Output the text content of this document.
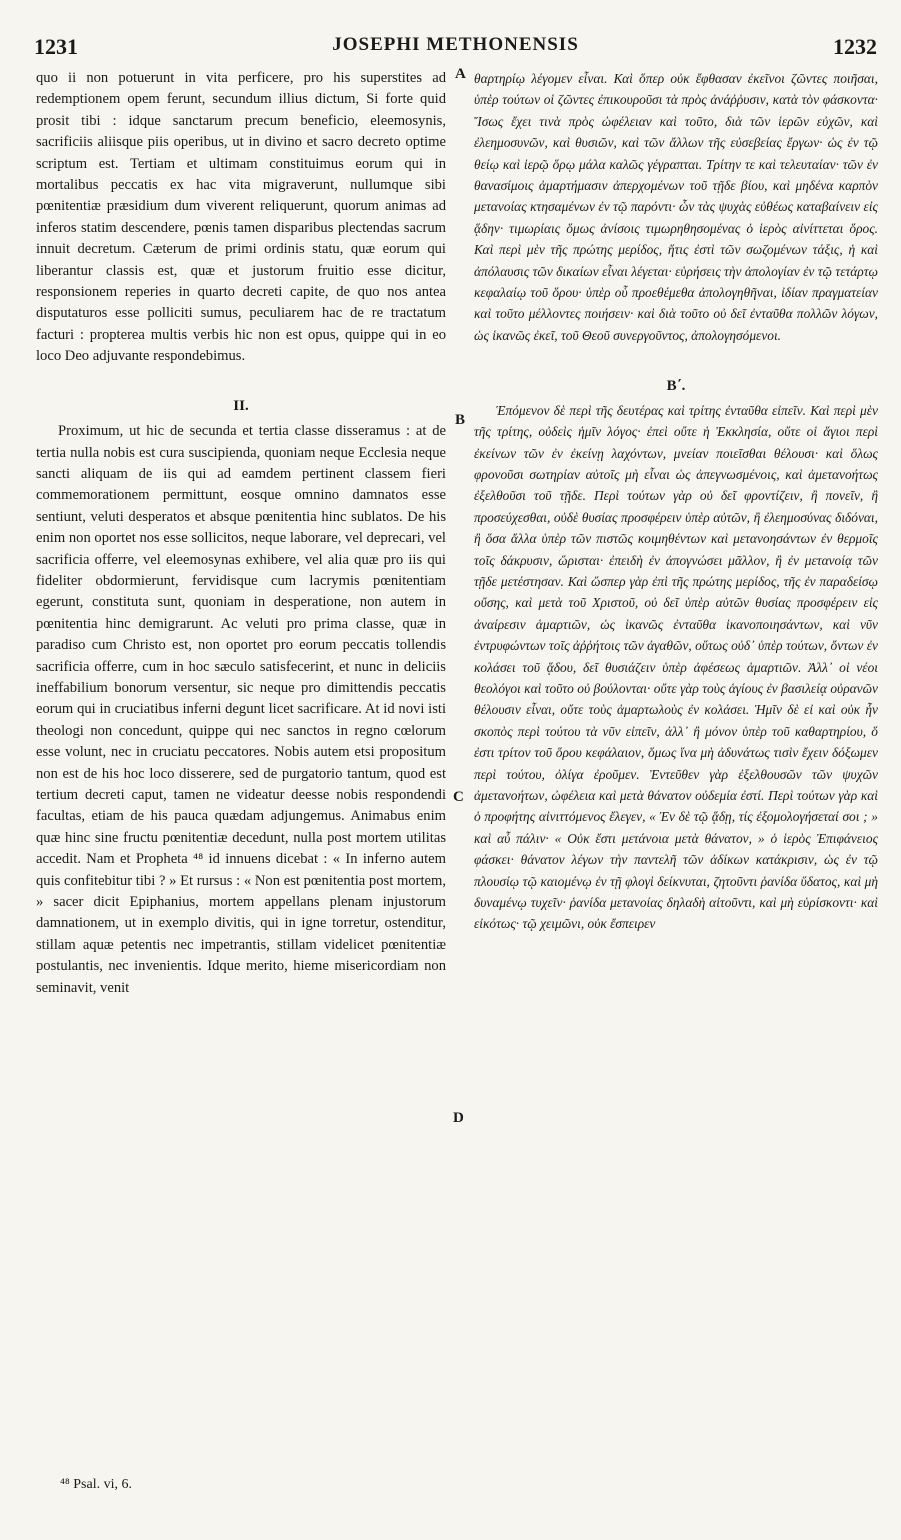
1231	JOSEPHI METHONENSIS	1232

quo ii non potuerunt in vita perficere, pro his superstites ad redemptionem opem ferunt, secundum illius dictum, Si forte quid prosit tibi : idque sanctarum precum beneficio, eleemosynis, sacrificiis aliisque piis operibus, ut in divino et sacro decreto optime scriptum est. Tertiam et ultimam constituimus eorum qui in mortalibus peccatis ex hac vita migraverunt, nullumque sibi pœnitentiæ præsidium dum viverent reliquerunt, quorum animas ad inferos statim descendere, pœnis tamen disparibus plectendas sacrum innuit decretum. Cæterum de primi ordinis statu, quæ eorum qui liberantur classis est, quæ et justorum fruitio esse dicitur, responsionem reperies in quarto decreti capite, de quo nos antea disputaturos esse polliciti sumus, peculiarem hac de re tractatum facturi : propterea multis verbis hic non est opus, quippe qui in eo loco Deo adjuvante respondebimus.

II.

Proximum, ut hic de secunda et tertia classe disseramus : at de tertia nulla nobis est cura suscipienda, quoniam neque Ecclesia neque sancti aliquam de iis qui ad eamdem pertinent classem fieri commemorationem permittunt, eosque omnino damnatos esse sentiunt, veluti desperatos et absque pœnitentia hinc sublatos. De his enim non oportet nos esse sollicitos, neque laborare, vel deprecari, vel sacrificia offerre, vel eleemosynas exhibere, vel alia quæ pro iis qui fideliter obdormierunt, fervidisque cum lacrymis pœnitentiam egerunt, constituta sunt, quoniam in desperatione, non autem in pœnitentia hinc demigrarunt. Ac veluti pro prima classe, quæ in paradiso cum Christo est, non oportet pro eorum peccatis tollendis sacrificia offerre, cum in hoc sæculo satisfecerint, et nunc in deliciis ineffabilium bonorum versentur, sic neque pro dimittendis peccatis eorum qui in cruciatibus inferni degunt licet sacrificare. At id novi isti theologi non concedunt, quippe qui nec sanctos in regno cœlorum esse volunt, nec in cruciatu peccatores. Nobis autem etsi propositum non est de his hoc loco disserere, sed de purgatorio tantum, quod est tertium decreti caput, tamen ne videatur deesse nobis respondendi facultas, etiam de his pauca quædam adjungemus. Animabus enim quæ hinc sine fructu pœnitentiæ decedunt, nulla post mortem utilitas accedit. Nam et Propheta ⁴⁸ id innuens dicebat : « In inferno autem quis confitebitur tibi ? » Et rursus : « Non est pœnitentia post mortem, » sacer dicit Epiphanius, mortem appellans plenam injustorum damnationem, ut in exemplo divitis, qui in igne torretur, ostenditur, stillam aquæ petentis nec impetrantis, stillam videlicet pœnitentiæ postulantis, nec invenientis. Idque merito, hieme misericordiam non seminavit, venit

θαρτηρίῳ λέγομεν εἶναι. Καὶ ὅπερ οὐκ ἔφθασαν ἐκεῖνοι ζῶντες ποιῆσαι, ὑπὲρ τούτων οἱ ζῶντες ἐπικουροῦσι τὰ πρὸς ἀνάῤῥυσιν, κατὰ τὸν φάσκοντα· Ἴσως ἔχει τινὰ πρὸς ὠφέλειαν καὶ τοῦτο, διὰ τῶν ἱερῶν εὐχῶν, καὶ ἐλεημοσυνῶν, καὶ θυσιῶν, καὶ τῶν ἄλλων τῆς εὐσεβείας ἔργων· ὡς ἐν τῷ θείῳ καὶ ἱερῷ ὅρῳ μάλα καλῶς γέγραπται. Τρίτην τε καὶ τελευταίαν· τῶν ἐν θανασίμοις ἁμαρτήμασιν ἀπερχομένων τοῦ τῇδε βίου, καὶ μηδένα καρπὸν μετανοίας κτησαμένων ἐν τῷ παρόντι· ὧν τὰς ψυχὰς εὐθέως καταβαίνειν εἰς ᾅδην· τιμωρίαις ὅμως ἀνίσοις τιμωρηθησομένας ὁ ἱερὸς αἰνίττεται ὅρος. Καὶ περὶ μὲν τῆς πρώτης μερίδος, ἥτις ἐστὶ τῶν σωζομένων τάξις, ἡ καὶ ἀπόλαυσις τῶν δικαίων εἶναι λέγεται· εὑρήσεις τὴν ἀπολογίαν ἐν τῷ τετάρτῳ κεφαλαίῳ τοῦ ὅρου· ὑπὲρ οὗ προεθέμεθα ἀπολογηθῆναι, ἰδίαν πραγματείαν καὶ τοῦτο μέλλοντες ποιήσειν· καὶ διὰ τοῦτο οὐ δεῖ ἐνταῦθα πολλῶν λόγων, ὡς ἱκανῶς ἐκεῖ, τοῦ Θεοῦ συνεργοῦντος, ἀπολογησόμενοι.

Β΄.

Ἑπόμενον δὲ περὶ τῆς δευτέρας καὶ τρίτης ἐνταῦθα εἰπεῖν. Καὶ περὶ μὲν τῆς τρίτης, οὐδεὶς ἡμῖν λόγος· ἐπεὶ οὔτε ἡ Ἐκκλησία, οὔτε οἱ ἅγιοι περὶ ἐκείνων τῶν ἐν ἐκείνῃ λαχόντων, μνείαν ποιεῖσθαι θέλουσι· καὶ ὅλως φρονοῦσι σωτηρίαν αὐτοῖς μὴ εἶναι ὡς ἀπεγνωσμένοις, καὶ ἀμετανοήτως ἐξελθοῦσι τοῦ τῇδε. Περὶ τούτων γὰρ οὐ δεῖ φροντίζειν, ἢ πονεῖν, ἢ προσεύχεσθαι, οὐδὲ θυσίας προσφέρειν ὑπὲρ αὐτῶν, ἢ ἐλεημοσύνας διδόναι, ἢ ὅσα ἄλλα ὑπὲρ τῶν πιστῶς κοιμηθέντων καὶ μετανοησάντων ἐν θερμοῖς τοῖς δάκρυσιν, ὥρισται· ἐπειδὴ ἐν ἀπογνώσει μᾶλλον, ἢ ἐν μετανοίᾳ τῶν τῇδε μετέστησαν. Καὶ ὥσπερ γὰρ ἐπὶ τῆς πρώτης μερίδος, τῆς ἐν παραδείσῳ οὔσης, καὶ μετὰ τοῦ Χριστοῦ, οὐ δεῖ ὑπὲρ αὐτῶν θυσίας προσφέρειν εἰς ἀναίρεσιν ἁμαρτιῶν, ὡς ἱκανῶς ἐνταῦθα ἱκανοποιησάντων, καὶ νῦν ἐντρυφώντων τοῖς ἀῤῥήτοις τῶν ἀγαθῶν, οὕτως οὐδ᾽ ὑπὲρ τούτων, ὄντων ἐν κολάσει τοῦ ᾅδου, δεῖ θυσιάζειν ὑπὲρ ἀφέσεως ἁμαρτιῶν. Ἀλλ᾽ οἱ νέοι θεολόγοι καὶ τοῦτο οὐ βούλονται· οὔτε γὰρ τοὺς ἁγίους ἐν βασιλείᾳ οὐρανῶν θέλουσιν εἶναι, οὔτε τοὺς ἁμαρτωλοὺς ἐν κολάσει. Ἡμῖν δὲ εἰ καὶ οὐκ ἦν σκοπὸς περὶ τούτου τὰ νῦν εἰπεῖν, ἀλλ᾽ ἢ μόνον ὑπὲρ τοῦ καθαρτηρίου, ὅ ἐστι τρίτον τοῦ ὅρου κεφάλαιον, ὅμως ἵνα μὴ ἀδυνάτως τισὶν ἔχειν δόξωμεν περὶ τούτου, ὀλίγα ἐροῦμεν. Ἐντεῦθεν γὰρ ἐξελθουσῶν τῶν ψυχῶν ἀμετανοήτων, ὠφέλεια καὶ μετὰ θάνατον οὐδεμία ἐστί. Περὶ τούτων γὰρ καὶ ὁ προφήτης αἰνιττόμενος ἔλεγεν, « Ἐν δὲ τῷ ᾅδῃ, τίς ἐξομολογήσεταί σοι ; » καὶ αὖ πάλιν· « Οὐκ ἔστι μετάνοια μετὰ θάνατον, » ὁ ἱερὸς Ἐπιφάνειος φάσκει· θάνατον λέγων τὴν παντελῆ τῶν ἀδίκων κατάκρισιν, ὡς ἐν τῷ πλουσίῳ τῷ καιομένῳ ἐν τῇ φλογὶ δείκνυται, ζητοῦντι ῥανίδα ὕδατος, καὶ μὴ δυναμένῳ τυχεῖν· ῥανίδα μετανοίας δηλαδὴ αἰτοῦντι, καὶ μὴ εὑρίσκοντι· καὶ εἰκότως· τῷ χειμῶνι, οὐκ ἔσπειρεν

A
B
C
D
⁴⁸ Psal. vi, 6.
